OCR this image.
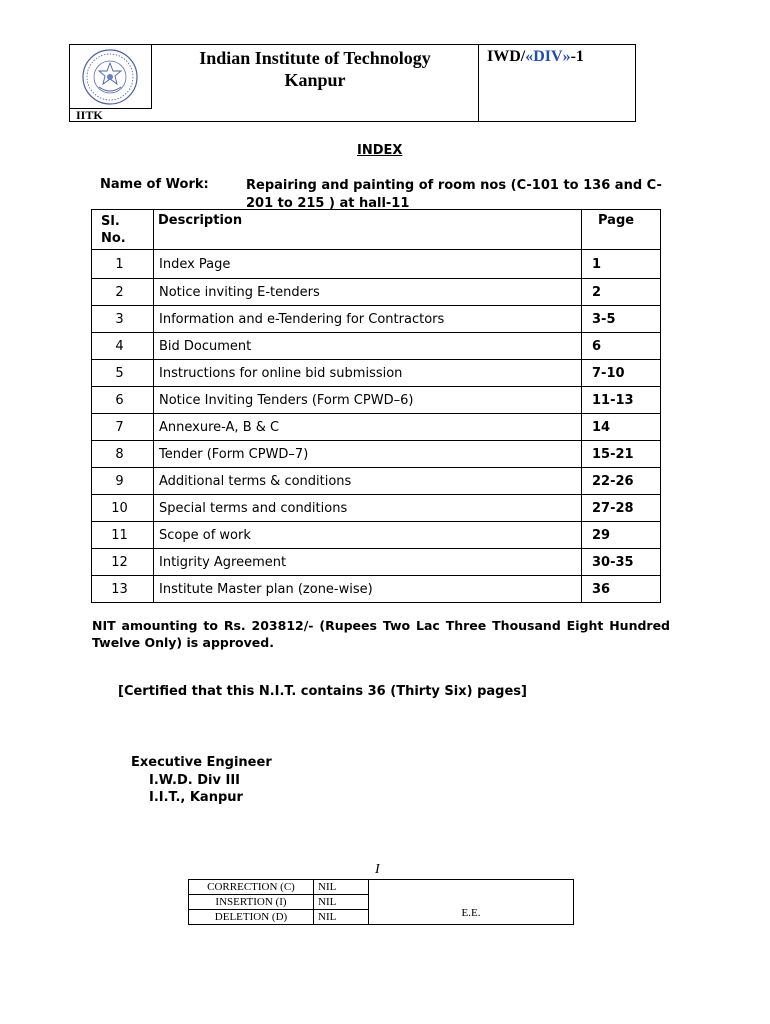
IITK
Indian Institute of Technology
Kanpur
IWD/«DIV»-1
INDEX
Name of Work:	Repairing and painting of room nos (C-101 to 136 and C-201 to 215 ) at hall-11
Sl. No.	Description	Page
1	Index Page	1
2	Notice inviting E-tenders	2
3	Information and e-Tendering for Contractors	3-5
4	Bid Document	6
5	Instructions for online bid submission	7-10
6	Notice Inviting Tenders (Form CPWD–6)	11-13
7	Annexure-A, B & C	14
8	Tender (Form CPWD–7)	15-21
9	Additional terms & conditions	22-26
10	Special terms and conditions	27-28
11	Scope of work	29
12	Intigrity Agreement	30-35
13	Institute Master plan (zone-wise)	36
NIT amounting to Rs. 203812/- (Rupees Two Lac Three Thousand Eight Hundred Twelve Only) is approved.
[Certified that this N.I.T. contains 36 (Thirty Six) pages]
Executive Engineer
I.W.D. Div III
I.I.T., Kanpur
I
CORRECTION (C)	NIL	E.E.
INSERTION (I)	NIL	
DELETION (D)	NIL	
